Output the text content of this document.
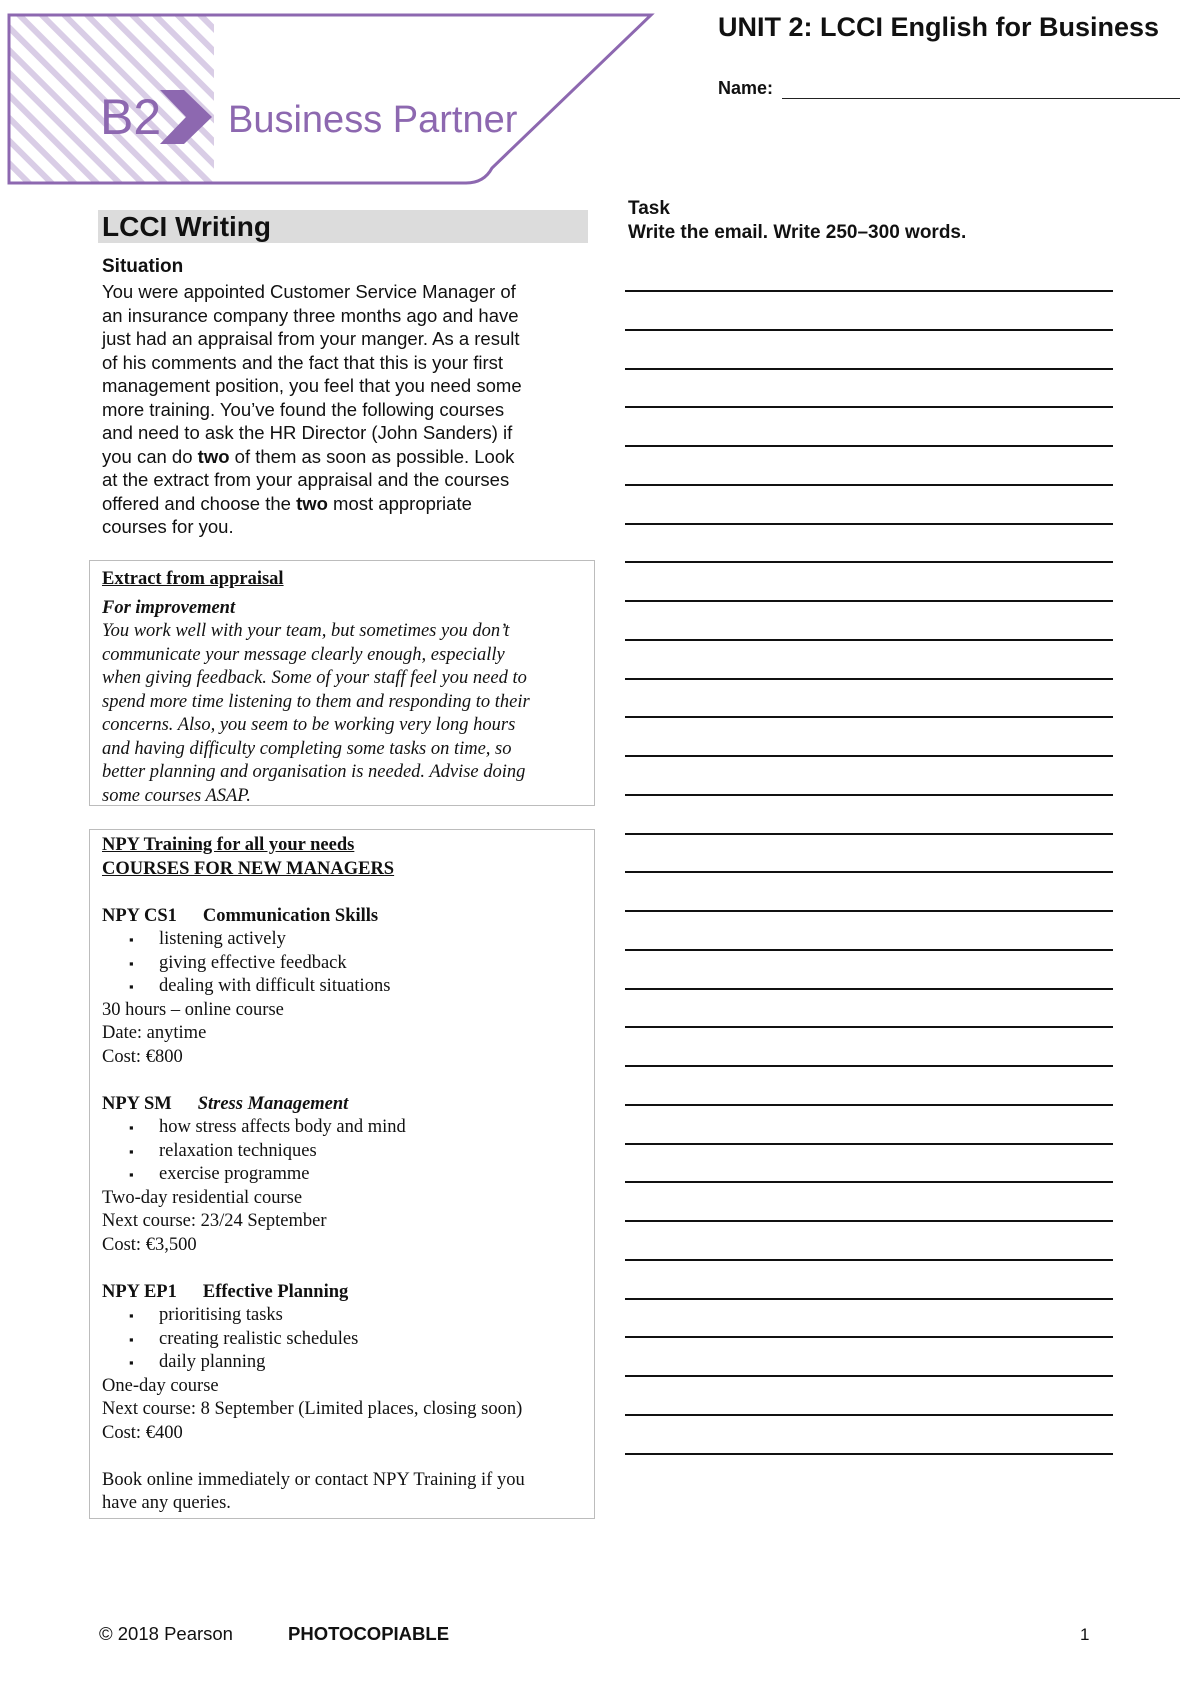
B2 Business Partner
UNIT 2: LCCI English for Business
Name:
LCCI Writing
Situation
You were appointed Customer Service Manager of
an insurance company three months ago and have
just had an appraisal from your manger. As a result
of his comments and the fact that this is your first
management position, you feel that you need some
more training. You’ve found the following courses
and need to ask the HR Director (John Sanders) if
you can do two of them as soon as possible. Look
at the extract from your appraisal and the courses
offered and choose the two most appropriate
courses for you.
Extract from appraisal
For improvement
You work well with your team, but sometimes you don’t
communicate your message clearly enough, especially
when giving feedback. Some of your staff feel you need to
spend more time listening to them and responding to their
concerns. Also, you seem to be working very long hours
and having difficulty completing some tasks on time, so
better planning and organisation is needed. Advise doing
some courses ASAP.
NPY Training for all your needs
COURSES FOR NEW MANAGERS
NPY CS1 Communication Skills
▪ listening actively
▪ giving effective feedback
▪ dealing with difficult situations
30 hours – online course
Date: anytime
Cost: €800
NPY SM Stress Management
▪ how stress affects body and mind
▪ relaxation techniques
▪ exercise programme
Two-day residential course
Next course: 23/24 September
Cost: €3,500
NPY EP1 Effective Planning
▪ prioritising tasks
▪ creating realistic schedules
▪ daily planning
One-day course
Next course: 8 September (Limited places, closing soon)
Cost: €400
Book online immediately or contact NPY Training if you
have any queries.
Task
Write the email. Write 250–300 words.
© 2018 Pearson	PHOTOCOPIABLE	1
